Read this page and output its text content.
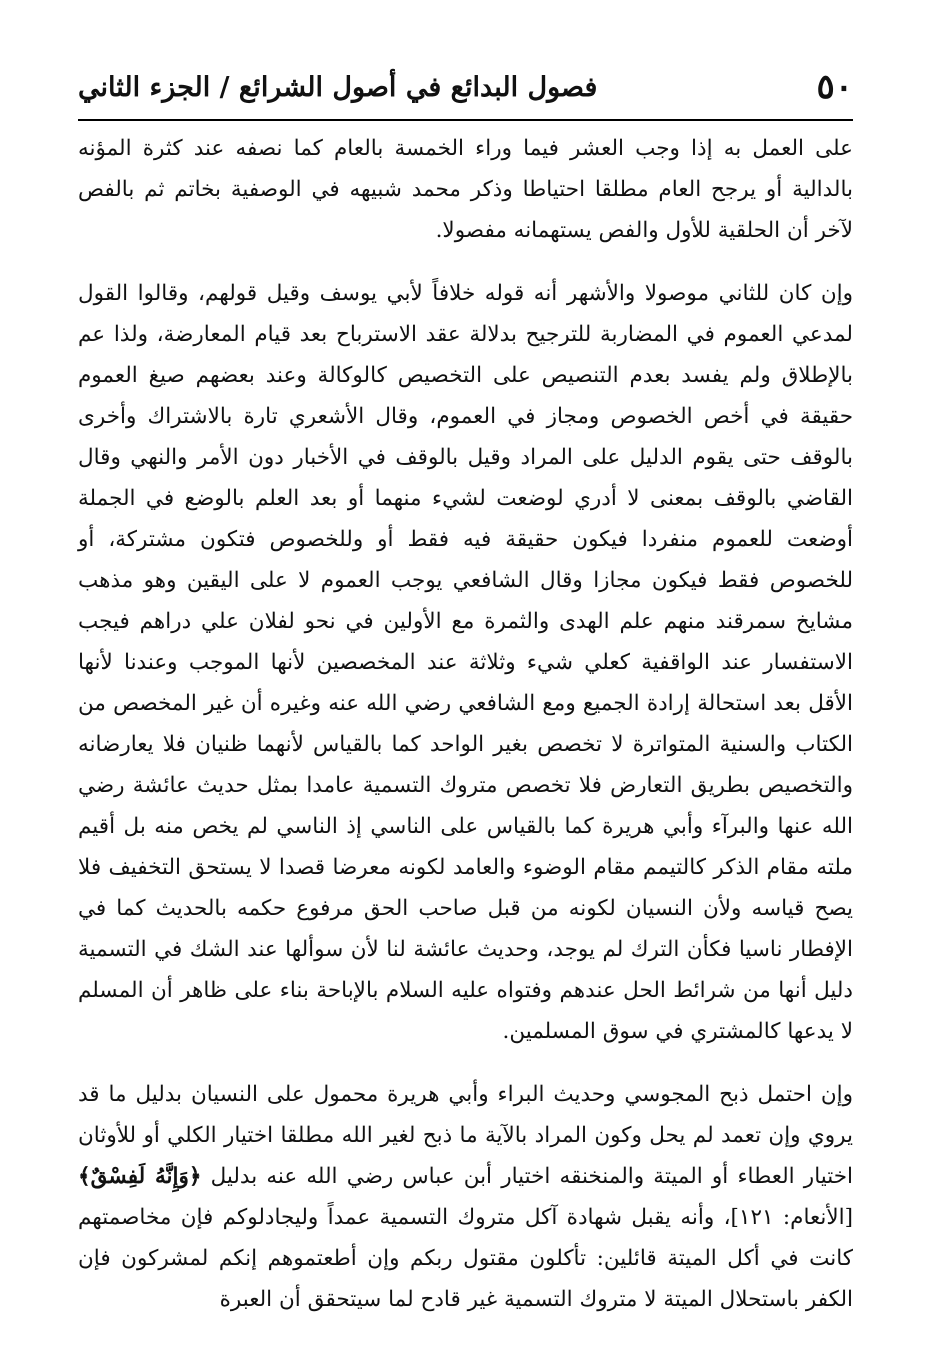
٥٠
فصول البدائع في أصول الشرائع / الجزء الثاني

على العمل به إذا وجب العشر فيما وراء الخمسة بالعام كما نصفه عند كثرة المؤنه بالدالية أو يرجح العام مطلقا احتياطا وذكر محمد شبيهه في الوصفية بخاتم ثم بالفص لآخر أن الحلقية للأول والفص يستهمانه مفصولا.

وإن كان للثاني موصولا والأشهر أنه قوله خلافاً لأبي يوسف وقيل قولهم، وقالوا القول لمدعي العموم في المضاربة للترجيح بدلالة عقد الاسترباح بعد قيام المعارضة، ولذا عم بالإطلاق ولم يفسد بعدم التنصيص على التخصيص كالوكالة وعند بعضهم صيغ العموم حقيقة في أخص الخصوص ومجاز في العموم، وقال الأشعري تارة بالاشتراك وأخرى بالوقف حتى يقوم الدليل على المراد وقيل بالوقف في الأخبار دون الأمر والنهي وقال القاضي بالوقف بمعنى لا أدري لوضعت لشيء منهما أو بعد العلم بالوضع في الجملة أوضعت للعموم منفردا فيكون حقيقة فيه فقط أو وللخصوص فتكون مشتركة، أو للخصوص فقط فيكون مجازا وقال الشافعي يوجب العموم لا على اليقين وهو مذهب مشايخ سمرقند منهم علم الهدى والثمرة مع الأولين في نحو لفلان علي دراهم فيجب الاستفسار عند الواقفية كعلي شيء وثلاثة عند المخصصين لأنها الموجب وعندنا لأنها الأقل بعد استحالة إرادة الجميع ومع الشافعي رضي الله عنه وغيره أن غير المخصص من الكتاب والسنية المتواترة لا تخصص بغير الواحد كما بالقياس لأنهما ظنيان فلا يعارضانه والتخصيص بطريق التعارض فلا تخصص متروك التسمية عامدا بمثل حديث عائشة رضي الله عنها والبرآء وأبي هريرة كما بالقياس على الناسي إذ الناسي لم يخص منه بل أقيم ملته مقام الذكر كالتيمم مقام الوضوء والعامد لكونه معرضا قصدا لا يستحق التخفيف فلا يصح قياسه ولأن النسيان لكونه من قبل صاحب الحق مرفوع حكمه بالحديث كما في الإفطار ناسيا فكأن الترك لم يوجد، وحديث عائشة لنا لأن سوألها عند الشك في التسمية دليل أنها من شرائط الحل عندهم وفتواه عليه السلام بالإباحة بناء على ظاهر أن المسلم لا يدعها كالمشتري في سوق المسلمين.

وإن احتمل ذبح المجوسي وحديث البراء وأبي هريرة محمول على النسيان بدليل ما قد يروي وإن تعمد لم يحل وكون المراد بالآية ما ذبح لغير الله مطلقا اختيار الكلي أو للأوثان اختيار العطاء أو الميتة والمنخنقه اختيار أبن عباس رضي الله عنه بدليل ﴿وَإِنَّهُ لَفِسْقٌ﴾ [الأنعام: ١٢١]، وأنه يقبل شهادة آكل متروك التسمية عمداً وليجادلوكم فإن مخاصمتهم كانت في أكل الميتة قائلين: تأكلون مقتول ربكم وإن أطعتموهم إنكم لمشركون فإن الكفر باستحلال الميتة لا متروك التسمية غير قادح لما سيتحقق أن العبرة
